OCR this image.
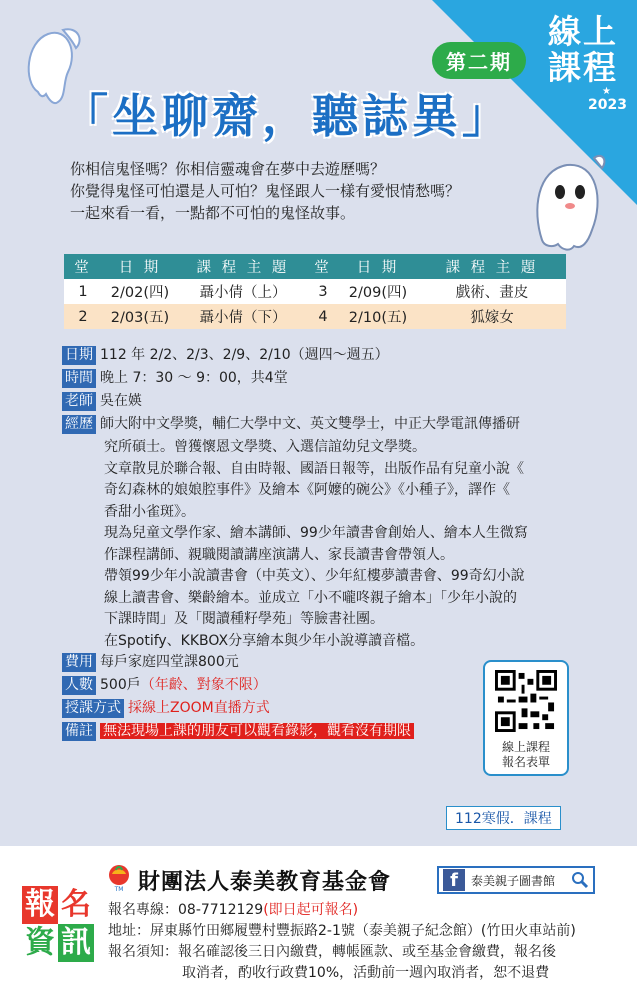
線上
課程
★
2023
第二期
「坐聊齋，聽誌異」

你相信鬼怪嗎？你相信靈魂會在夢中去遊歷嗎？

你覺得鬼怪可怕還是人可怕？鬼怪跟人一樣有愛恨情愁嗎？

一起來看一看，一點都不可怕的鬼怪故事。

堂	日 期	課 程 主 題	堂	日 期	課 程 主 題
1	2/02(四)	聶小倩（上）	3	2/09(四)	戲術、畫皮
2	2/03(五)	聶小倩（下）	4	2/10(五)	狐嫁女
日期 112 年 2/2、2/3、2/9、2/10（週四～週五）
時間 晚上 7：30 ～ 9：00，共4堂
老師 吳在媖
經歷 師大附中文學獎，輔仁大學中文、英文雙學士，中正大學電訊傳播研
究所碩士。曾獲懷恩文學獎、入選信誼幼兒文學獎。
文章散見於聯合報、自由時報、國語日報等，出版作品有兒童小說《
奇幻森林的娘娘腔事件》及繪本《阿嬤的碗公》《小種子》，譯作《
香甜小雀斑》。
現為兒童文學作家、繪本講師、99少年讀書會創始人、繪本人生微寫
作課程講師、親職閱讀講座演講人、家長讀書會帶領人。
帶領99少年小說讀書會（中英文）、少年紅樓夢讀書會、99奇幻小說
線上讀書會、樂齡繪本。並成立「小不嚨咚親子繪本」「少年小說的
下課時間」及「閱讀種籽學苑」等臉書社團。
在Spotify、KKBOX分享繪本與少年小說導讀音檔。
費用 每戶家庭四堂課800元
人數 500戶（年齡、對象不限）
授課方式 採線上ZOOM直播方式
備註 無法現場上課的朋友可以觀看錄影，觀看沒有期限
線上課程
報名表單
112寒假．課程
TM 財團法人泰美教育基金會	f	泰美親子圖書館
報 名資 訊

報名專線：08-7712129(即日起可報名)

地址：屏東縣竹田鄉履豐村豐振路2-1號（泰美親子紀念館）(竹田火車站前)

報名須知：報名確認後三日內繳費，轉帳匯款、或至基金會繳費，報名後

取消者，酌收行政費10%，活動前一週內取消者，恕不退費
